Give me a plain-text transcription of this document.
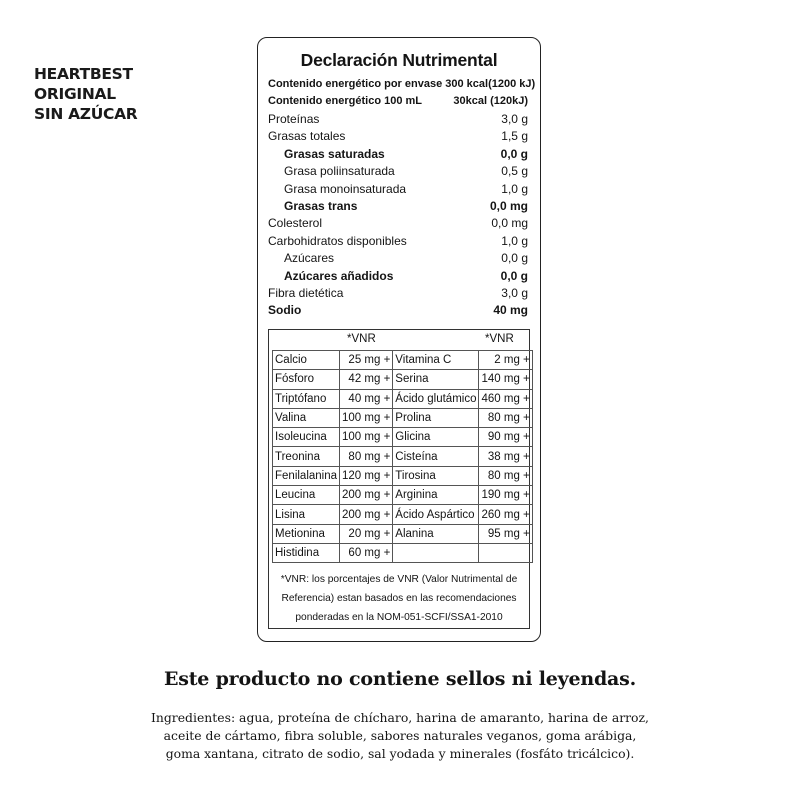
HEARTBEST
ORIGINAL
SIN AZÚCAR
Declaración Nutrimental
Contenido energético por envase 300 kcal(1200 kJ)
Contenido energético 100 mL	30kcal (120kJ)
Proteínas	3,0 g
Grasas totales	1,5 g
Grasas saturadas	0,0 g
Grasa poliinsaturada	0,5 g
Grasa monoinsaturada	1,0 g
Grasas trans	0,0 mg
Colesterol	0,0 mg
Carbohidratos disponibles	1,0 g
Azúcares	0,0 g
Azúcares añadidos	0,0 g
Fibra dietética	3,0 g
Sodio	40 mg
*VNR	*VNR
Calcio	25 mg +	Vitamina C	2 mg +
Fósforo	42 mg +	Serina	140 mg +
Triptófano	40 mg +	Ácido glutámico	460 mg +
Valina	100 mg +	Prolina	80 mg +
Isoleucina	100 mg +	Glicina	90 mg +
Treonina	80 mg +	Cisteína	38 mg +
Fenilalanina	120 mg +	Tirosina	80 mg +
Leucina	200 mg +	Arginina	190 mg +
Lisina	200 mg +	Ácido Aspártico	260 mg +
Metionina	20 mg +	Alanina	95 mg +
Histidina	60 mg +		
*VNR: los porcentajes de VNR (Valor Nutrimental de
Referencia) estan basados en las recomendaciones
ponderadas en la NOM-051-SCFI/SSA1-2010
Este producto no contiene sellos ni leyendas.
Ingredientes: agua, proteína de chícharo, harina de amaranto, harina de arroz,
aceite de cártamo, fibra soluble, sabores naturales veganos, goma arábiga,
goma xantana, citrato de sodio, sal yodada y minerales (fosfáto tricálcico).
